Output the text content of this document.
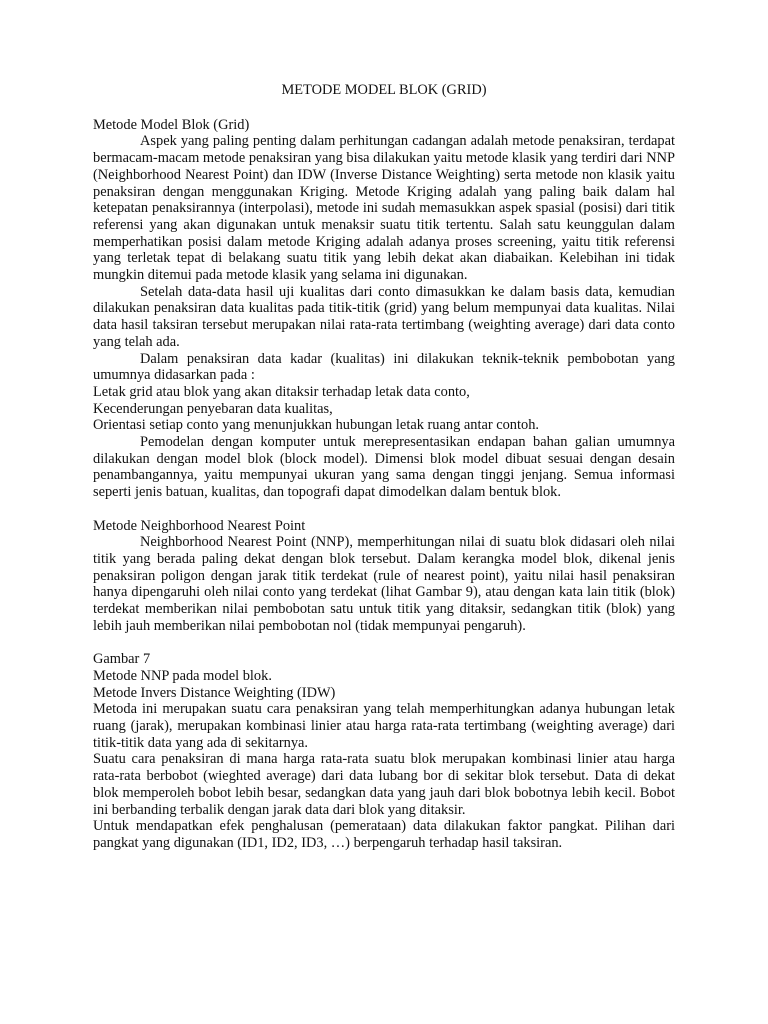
METODE MODEL BLOK (GRID)

Metode Model Blok (Grid)

Aspek yang paling penting dalam perhitungan cadangan adalah metode penaksiran, terdapat bermacam-macam metode penaksiran yang bisa dilakukan yaitu metode klasik yang terdiri dari NNP (Neighborhood Nearest Point) dan IDW (Inverse Distance Weighting) serta metode non klasik yaitu penaksiran dengan menggunakan Kriging. Metode Kriging adalah yang paling baik dalam hal ketepatan penaksirannya (interpolasi), metode ini sudah memasukkan aspek spasial (posisi) dari titik referensi yang akan digunakan untuk menaksir suatu titik tertentu. Salah satu keunggulan dalam memperhatikan posisi dalam metode Kriging adalah adanya proses screening, yaitu titik referensi yang terletak tepat di belakang suatu titik yang lebih dekat akan diabaikan. Kelebihan ini tidak mungkin ditemui pada metode klasik yang selama ini digunakan.

Setelah data-data hasil uji kualitas dari conto dimasukkan ke dalam basis data, kemudian dilakukan penaksiran data kualitas pada titik-titik (grid) yang belum mempunyai data kualitas. Nilai data hasil taksiran tersebut merupakan nilai rata-rata tertimbang (weighting average) dari data conto yang telah ada.

Dalam penaksiran data kadar (kualitas) ini dilakukan teknik-teknik pembobotan yang umumnya didasarkan pada :

Letak grid atau blok yang akan ditaksir terhadap letak data conto,

Kecenderungan penyebaran data kualitas,

Orientasi setiap conto yang menunjukkan hubungan letak ruang antar contoh.

Pemodelan dengan komputer untuk merepresentasikan endapan bahan galian umumnya dilakukan dengan model blok (block model). Dimensi blok model dibuat sesuai dengan desain penambangannya, yaitu mempunyai ukuran yang sama dengan tinggi jenjang. Semua informasi seperti jenis batuan, kualitas, dan topografi dapat dimodelkan dalam bentuk blok.

Metode Neighborhood Nearest Point

Neighborhood Nearest Point (NNP), memperhitungan nilai di suatu blok didasari oleh nilai titik yang berada paling dekat dengan blok tersebut. Dalam kerangka model blok, dikenal jenis penaksiran poligon dengan jarak titik terdekat (rule of nearest point), yaitu nilai hasil penaksiran hanya dipengaruhi oleh nilai conto yang terdekat (lihat Gambar 9), atau dengan kata lain titik (blok) terdekat memberikan nilai pembobotan satu untuk titik yang ditaksir, sedangkan titik (blok) yang lebih jauh memberikan nilai pembobotan nol (tidak mempunyai pengaruh).

Gambar 7

Metode NNP pada model blok.

Metode Invers Distance Weighting (IDW)

Metoda ini merupakan suatu cara penaksiran yang telah memperhitungkan adanya hubungan letak ruang (jarak), merupakan kombinasi linier atau harga rata-rata tertimbang (weighting average) dari titik-titik data yang ada di sekitarnya.

Suatu cara penaksiran di mana harga rata-rata suatu blok merupakan kombinasi linier atau harga rata-rata berbobot (wieghted average) dari data lubang bor di sekitar blok tersebut. Data di dekat blok memperoleh bobot lebih besar, sedangkan data yang jauh dari blok bobotnya lebih kecil. Bobot ini berbanding terbalik dengan jarak data dari blok yang ditaksir.

Untuk mendapatkan efek penghalusan (pemerataan) data dilakukan faktor pangkat. Pilihan dari pangkat yang digunakan (ID1, ID2, ID3, …) berpengaruh terhadap hasil taksiran.
